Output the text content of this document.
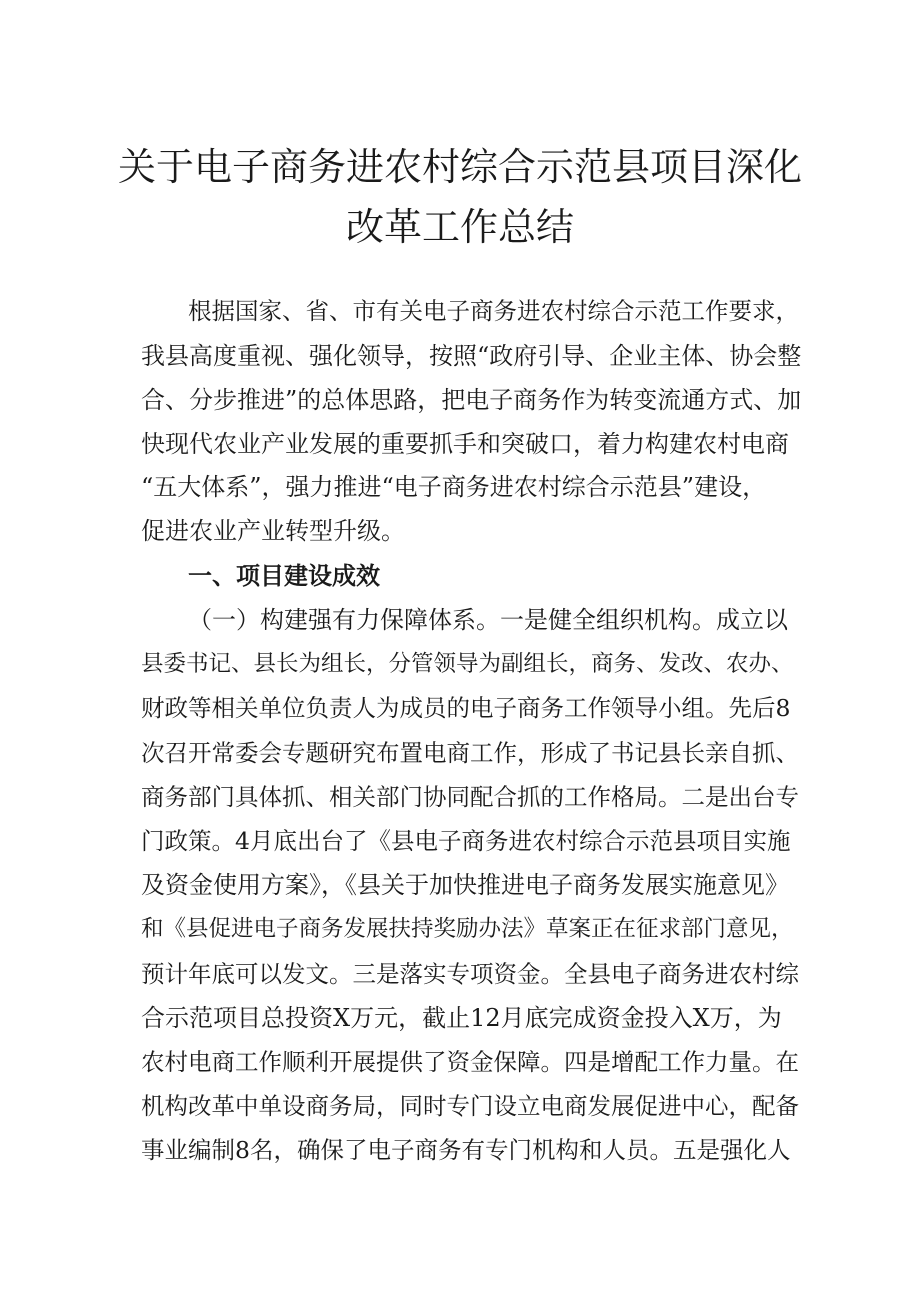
关于电子商务进农村综合示范县项目深化
改革工作总结

根据国家、省、市有关电子商务进农村综合示范工作要求，

我县高度重视、强化领导，按照“政府引导、企业主体、协会整

合、分步推进”的总体思路，把电子商务作为转变流通方式、加

快现代农业产业发展的重要抓手和突破口，着力构建农村电商

“五大体系”，强力推进“电子商务进农村综合示范县”建设，

促进农业产业转型升级。

一、项目建设成效

（一）构建强有力保障体系。一是健全组织机构。成立以

县委书记、县长为组长，分管领导为副组长，商务、发改、农办、

财政等相关单位负责人为成员的电子商务工作领导小组。先后8

次召开常委会专题研究布置电商工作，形成了书记县长亲自抓、

商务部门具体抓、相关部门协同配合抓的工作格局。二是出台专

门政策。4月底出台了《县电子商务进农村综合示范县项目实施

及资金使用方案》，《县关于加快推进电子商务发展实施意见》

和《县促进电子商务发展扶持奖励办法》草案正在征求部门意见，

预计年底可以发文。三是落实专项资金。全县电子商务进农村综

合示范项目总投资X万元，截止12月底完成资金投入X万，为

农村电商工作顺利开展提供了资金保障。四是增配工作力量。在

机构改革中单设商务局，同时专门设立电商发展促进中心，配备

事业编制8名，确保了电子商务有专门机构和人员。五是强化人
